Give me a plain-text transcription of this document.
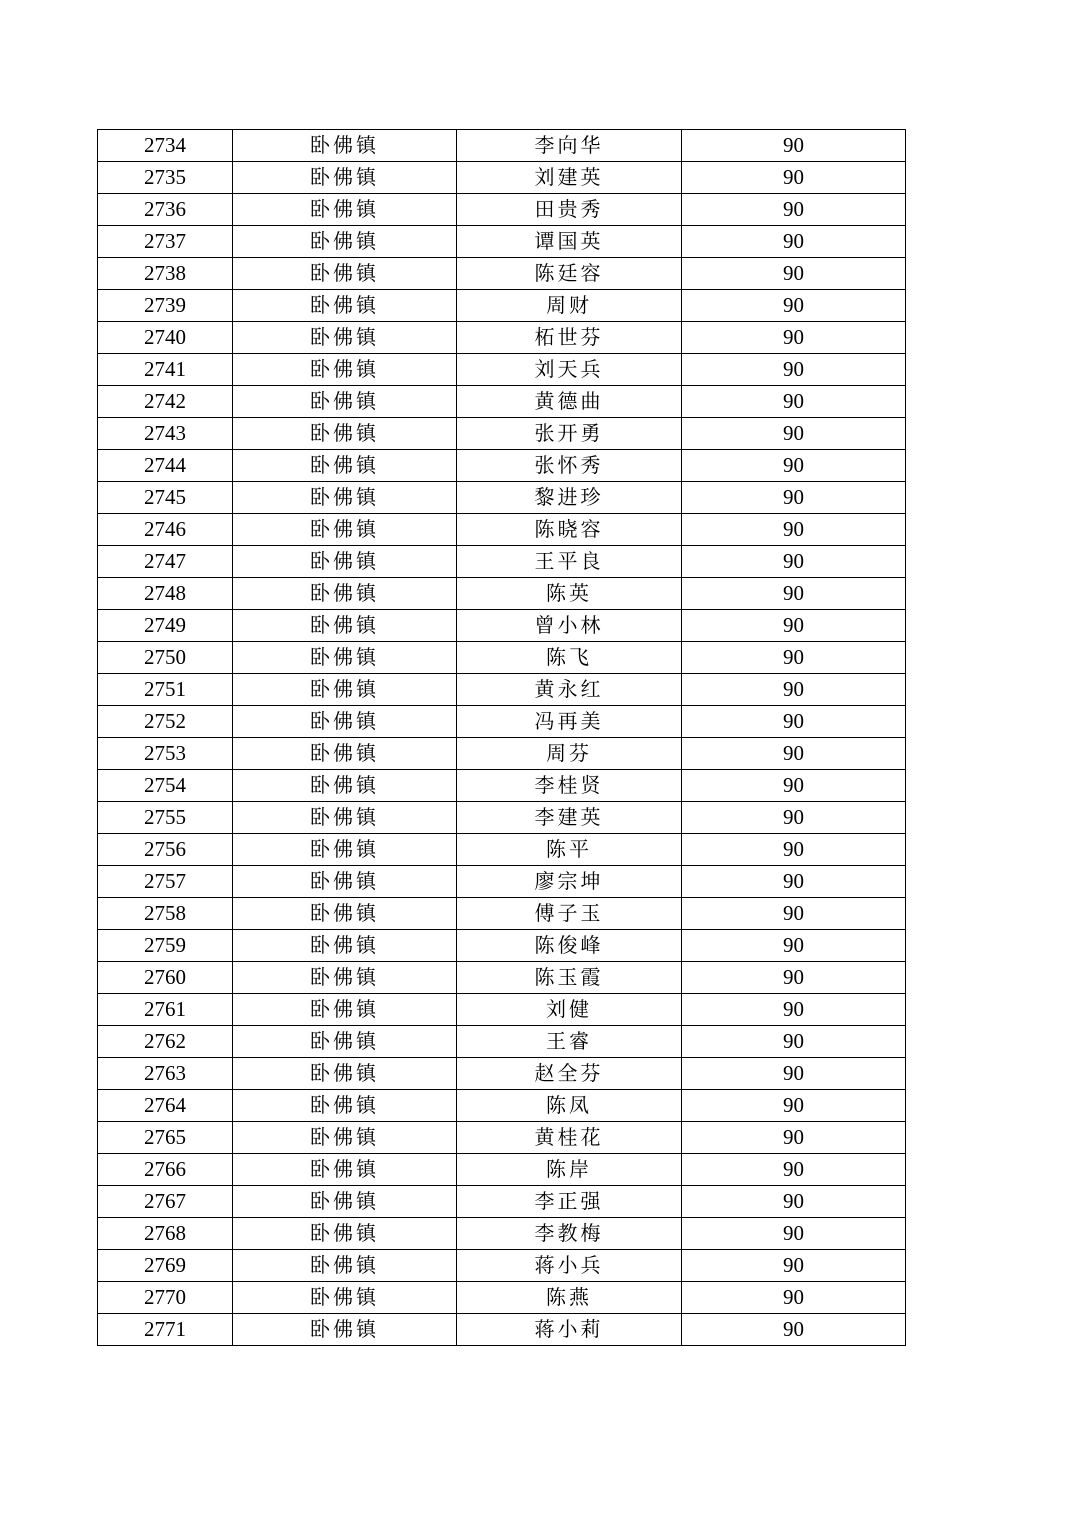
2734	卧佛镇	李向华	90
2735	卧佛镇	刘建英	90
2736	卧佛镇	田贵秀	90
2737	卧佛镇	谭国英	90
2738	卧佛镇	陈廷容	90
2739	卧佛镇	周财	90
2740	卧佛镇	柘世芬	90
2741	卧佛镇	刘天兵	90
2742	卧佛镇	黄德曲	90
2743	卧佛镇	张开勇	90
2744	卧佛镇	张怀秀	90
2745	卧佛镇	黎进珍	90
2746	卧佛镇	陈晓容	90
2747	卧佛镇	王平良	90
2748	卧佛镇	陈英	90
2749	卧佛镇	曾小林	90
2750	卧佛镇	陈飞	90
2751	卧佛镇	黄永红	90
2752	卧佛镇	冯再美	90
2753	卧佛镇	周芬	90
2754	卧佛镇	李桂贤	90
2755	卧佛镇	李建英	90
2756	卧佛镇	陈平	90
2757	卧佛镇	廖宗坤	90
2758	卧佛镇	傅子玉	90
2759	卧佛镇	陈俊峰	90
2760	卧佛镇	陈玉霞	90
2761	卧佛镇	刘健	90
2762	卧佛镇	王睿	90
2763	卧佛镇	赵全芬	90
2764	卧佛镇	陈凤	90
2765	卧佛镇	黄桂花	90
2766	卧佛镇	陈岸	90
2767	卧佛镇	李正强	90
2768	卧佛镇	李教梅	90
2769	卧佛镇	蒋小兵	90
2770	卧佛镇	陈燕	90
2771	卧佛镇	蒋小莉	90
